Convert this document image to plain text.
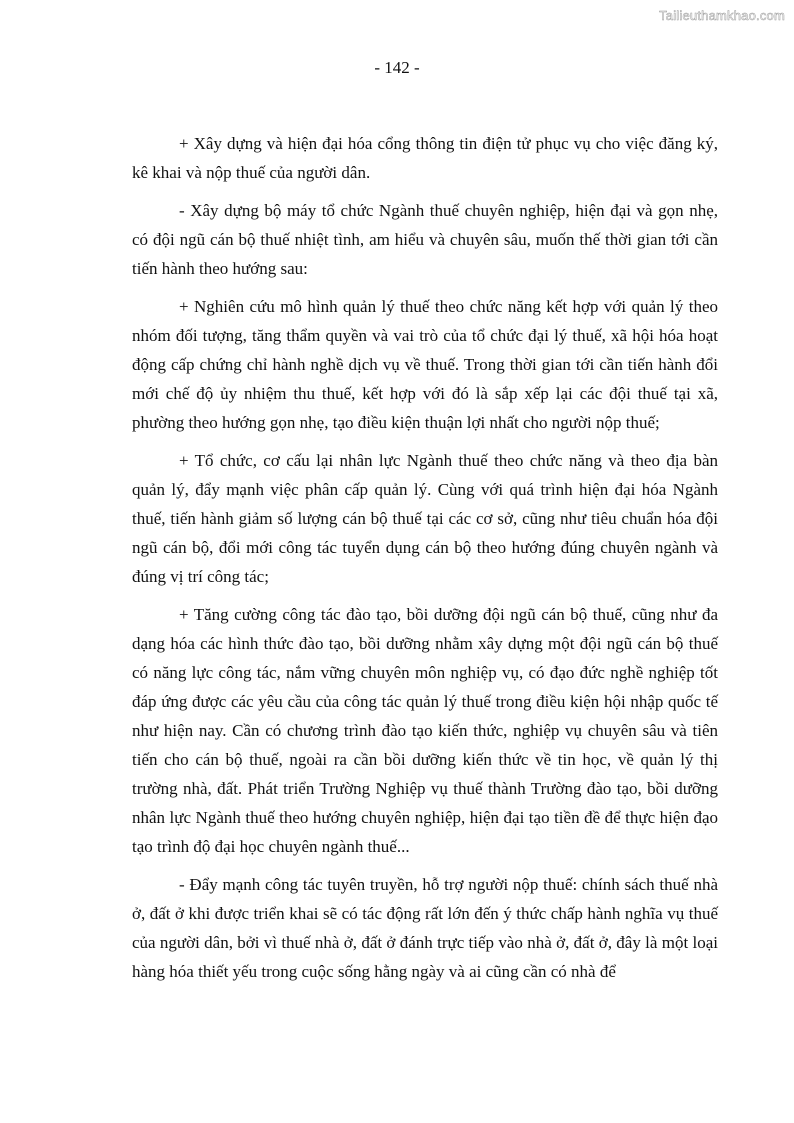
Tailieuthamkhao.com
- 142 -

+ Xây dựng và hiện đại hóa cổng thông tin điện tử phục vụ cho việc đăng ký, kê khai và nộp thuế của người dân.

- Xây dựng bộ máy tổ chức Ngành thuế chuyên nghiệp, hiện đại và gọn nhẹ, có đội ngũ cán bộ thuế nhiệt tình, am hiểu và chuyên sâu, muốn thế thời gian tới cần tiến hành theo hướng sau:

+ Nghiên cứu mô hình quản lý thuế theo chức năng kết hợp với quản lý theo nhóm đối tượng, tăng thẩm quyền và vai trò của tổ chức đại lý thuế, xã hội hóa hoạt động cấp chứng chỉ hành nghề dịch vụ về thuế. Trong thời gian tới cần tiến hành đổi mới chế độ ủy nhiệm thu thuế, kết hợp với đó là sắp xếp lại các đội thuế tại xã, phường theo hướng gọn nhẹ, tạo điều kiện thuận lợi nhất cho người nộp thuế;

+ Tổ chức, cơ cấu lại nhân lực Ngành thuế theo chức năng và theo địa bàn quản lý, đẩy mạnh việc phân cấp quản lý. Cùng với quá trình hiện đại hóa Ngành thuế, tiến hành giảm số lượng cán bộ thuế tại các cơ sở, cũng như tiêu chuẩn hóa đội ngũ cán bộ, đổi mới công tác tuyển dụng cán bộ theo hướng đúng chuyên ngành và đúng vị trí công tác;

+ Tăng cường công tác đào tạo, bồi dưỡng đội ngũ cán bộ thuế, cũng như đa dạng hóa các hình thức đào tạo, bồi dưỡng nhằm xây dựng một đội ngũ cán bộ thuế có năng lực công tác, nắm vững chuyên môn nghiệp vụ, có đạo đức nghề nghiệp tốt đáp ứng được các yêu cầu của công tác quản lý thuế trong điều kiện hội nhập quốc tế như hiện nay. Cần có chương trình đào tạo kiến thức, nghiệp vụ chuyên sâu và tiên tiến cho cán bộ thuế, ngoài ra cần bồi dưỡng kiến thức về tin học, về quản lý thị trường nhà, đất. Phát triển Trường Nghiệp vụ thuế thành Trường đào tạo, bồi dưỡng nhân lực Ngành thuế theo hướng chuyên nghiệp, hiện đại tạo tiền đề để thực hiện đạo tạo trình độ đại học chuyên ngành thuế...

- Đẩy mạnh công tác tuyên truyền, hỗ trợ người nộp thuế: chính sách thuế nhà ở, đất ở khi được triển khai sẽ có tác động rất lớn đến ý thức chấp hành nghĩa vụ thuế của người dân, bởi vì thuế nhà ở, đất ở đánh trực tiếp vào nhà ở, đất ở, đây là một loại hàng hóa thiết yếu trong cuộc sống hằng ngày và ai cũng cần có nhà để
